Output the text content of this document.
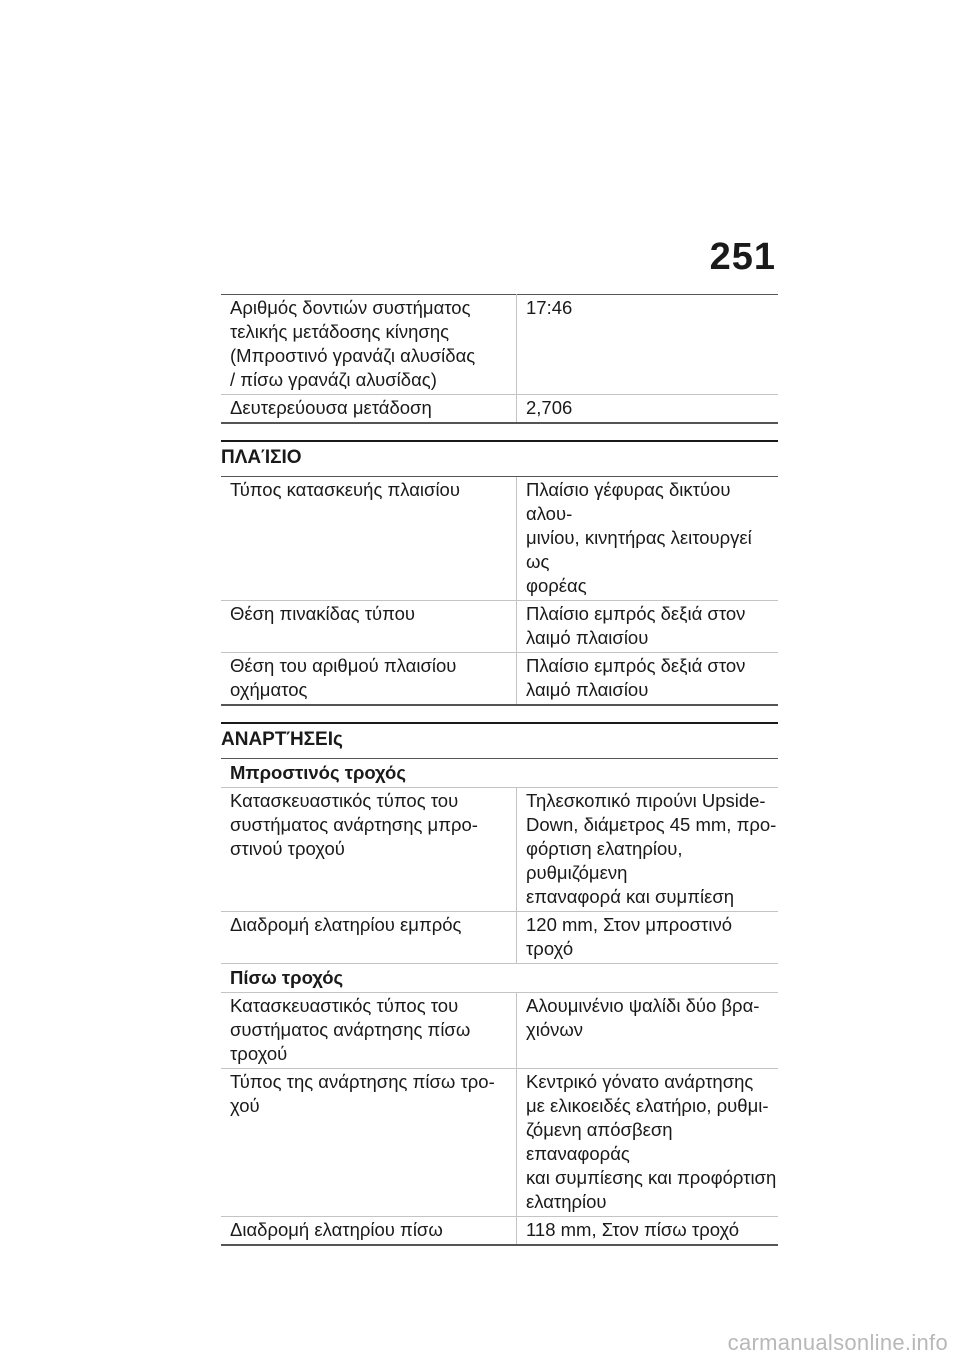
251
Αριθμός δοντιών συστήματος
τελικής μετάδοσης κίνησης
(Μπροστινό γρανάζι αλυσίδας
/ πίσω γρανάζι αλυσίδας)	17:46

Δευτερεύουσα μετάδοση	2,706
ΠΛΑΊΣΙΟ
Τύπος κατασκευής πλαισίου	Πλαίσιο γέφυρας δικτύου αλου-
μινίου, κινητήρας λειτουργεί ως
φορέας

Θέση πινακίδας τύπου	Πλαίσιο εμπρός δεξιά στον
λαιμό πλαισίου

Θέση του αριθμού πλαισίου
οχήματος	Πλαίσιο εμπρός δεξιά στον
λαιμό πλαισίου
ΑΝΑΡΤΉΣΕΙς
Μπροστινός τροχός	

Κατασκευαστικός τύπος του
συστήματος ανάρτησης μπρο-
στινού τροχού	Τηλεσκοπικό πιρούνι Upside-
Down, διάμετρος 45 mm, προ-
φόρτιση ελατηρίου, ρυθμιζόμενη
επαναφορά και συμπίεση

Διαδρομή ελατηρίου εμπρός	120 mm, Στον μπροστινό τροχό

Πίσω τροχός	

Κατασκευαστικός τύπος του
συστήματος ανάρτησης πίσω
τροχού	Αλουμινένιο ψαλίδι δύο βρα-
χιόνων

Τύπος της ανάρτησης πίσω τρο-
χού	Κεντρικό γόνατο ανάρτησης
με ελικοειδές ελατήριο, ρυθμι-
ζόμενη απόσβεση επαναφοράς
και συμπίεσης και προφόρτιση
ελατηρίου

Διαδρομή ελατηρίου πίσω	118 mm, Στον πίσω τροχό
carmanualsonline.info
